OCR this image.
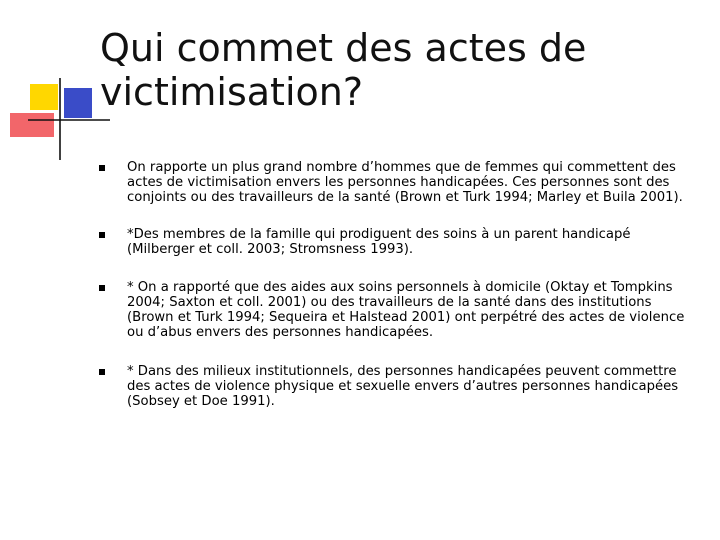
Qui commet des actes de
victimisation?
On rapporte un plus grand nombre d’hommes que de femmes qui commettent des actes de victimisation envers les personnes handicapées. Ces personnes sont des conjoints ou des travailleurs de la santé (Brown et Turk 1994; Marley et Buila 2001).
*Des membres de la famille qui prodiguent des soins à un parent handicapé (Milberger et coll. 2003; Stromsness 1993).
* On a rapporté que des aides aux soins personnels à domicile (Oktay et Tompkins 2004; Saxton et coll. 2001) ou des travailleurs de la santé dans des institutions (Brown et Turk 1994; Sequeira et Halstead 2001) ont perpétré des actes de violence ou d’abus envers des personnes handicapées.
* Dans des milieux institutionnels, des personnes handicapées peuvent commettre des actes de violence physique et sexuelle envers d’autres personnes handicapées (Sobsey et Doe 1991).
